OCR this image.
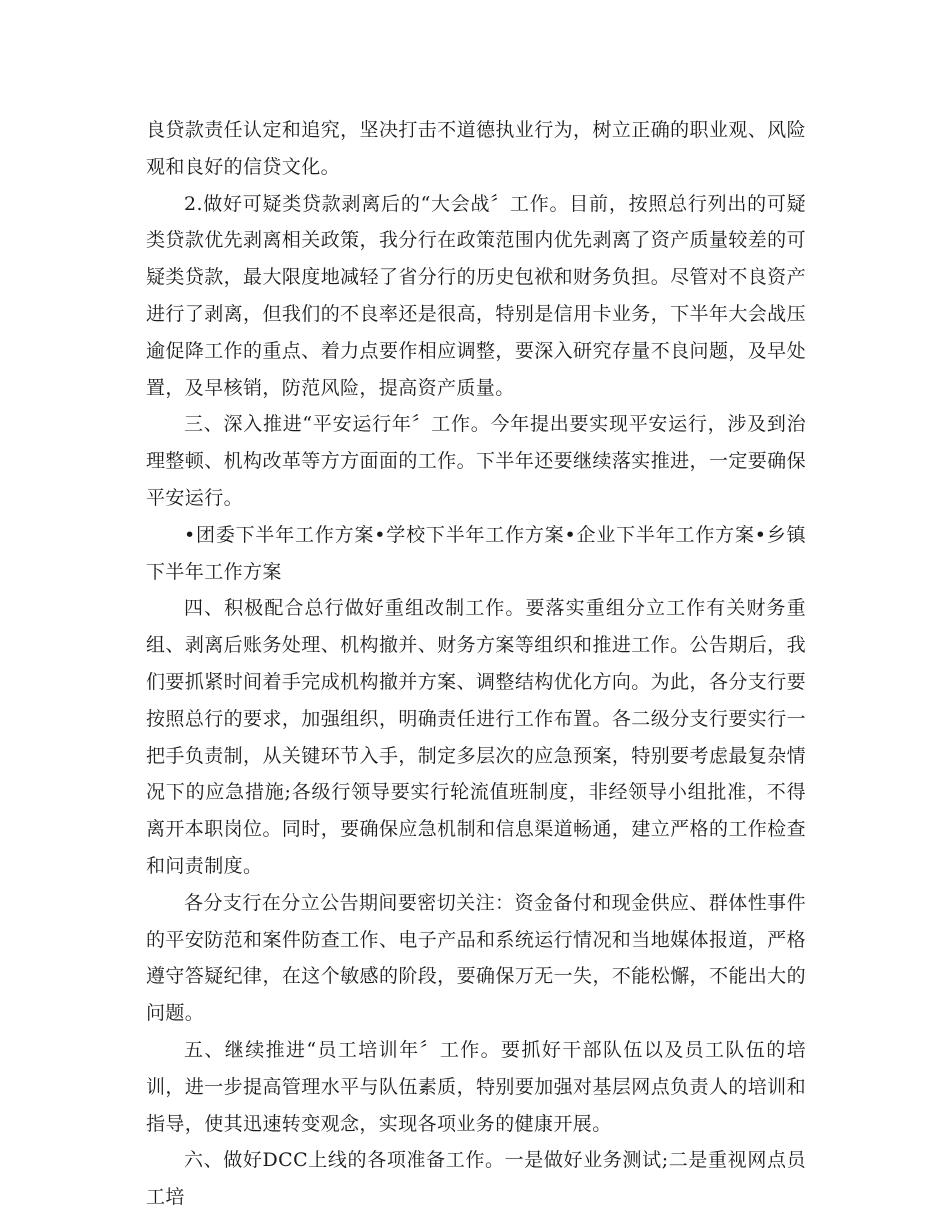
良贷款责任认定和追究，坚决打击不道德执业行为，树立正确的职业观、风险观和良好的信贷文化。

2.做好可疑类贷款剥离后的“大会战〞工作。目前，按照总行列出的可疑类贷款优先剥离相关政策，我分行在政策范围内优先剥离了资产质量较差的可疑类贷款，最大限度地减轻了省分行的历史包袱和财务负担。尽管对不良资产进行了剥离，但我们的不良率还是很高，特别是信用卡业务，下半年大会战压逾促降工作的重点、着力点要作相应调整，要深入研究存量不良问题，及早处置，及早核销，防范风险，提高资产质量。

三、深入推进“平安运行年〞工作。今年提出要实现平安运行，涉及到治理整顿、机构改革等方方面面的工作。下半年还要继续落实推进，一定要确保平安运行。

•团委下半年工作方案•学校下半年工作方案•企业下半年工作方案•乡镇下半年工作方案

四、积极配合总行做好重组改制工作。要落实重组分立工作有关财务重组、剥离后账务处理、机构撤并、财务方案等组织和推进工作。公告期后，我们要抓紧时间着手完成机构撤并方案、调整结构优化方向。为此，各分支行要按照总行的要求，加强组织，明确责任进行工作布置。各二级分支行要实行一把手负责制，从关键环节入手，制定多层次的应急预案，特别要考虑最复杂情况下的应急措施;各级行领导要实行轮流值班制度，非经领导小组批准，不得离开本职岗位。同时，要确保应急机制和信息渠道畅通，建立严格的工作检查和问责制度。

各分支行在分立公告期间要密切关注：资金备付和现金供应、群体性事件的平安防范和案件防查工作、电子产品和系统运行情况和当地媒体报道，严格遵守答疑纪律，在这个敏感的阶段，要确保万无一失，不能松懈，不能出大的问题。

五、继续推进“员工培训年〞工作。要抓好干部队伍以及员工队伍的培训，进一步提高管理水平与队伍素质，特别要加强对基层网点负责人的培训和指导，使其迅速转变观念，实现各项业务的健康开展。

六、做好DCC上线的各项准备工作。一是做好业务测试;二是重视网点员工培
